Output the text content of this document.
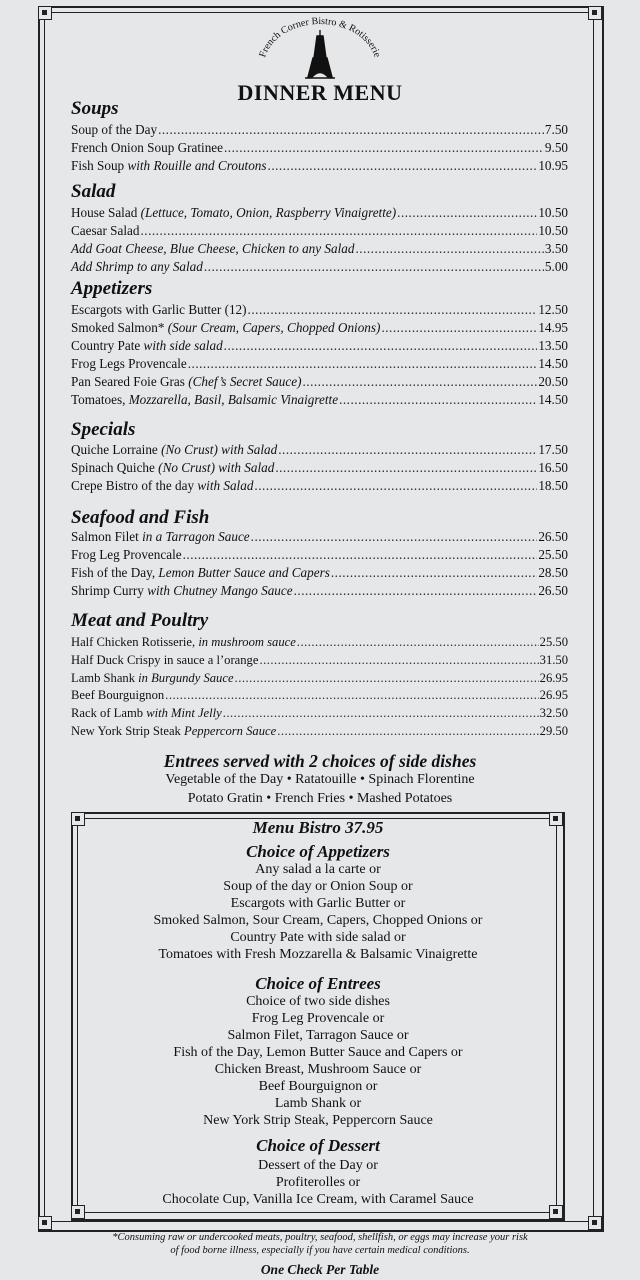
French Corner Bistro & Rotisserie
DINNER MENU
Soups
Soup of the Day .....	7.50
French Onion Soup Gratinee .....	9.50
Fish Soup with Rouille and Croutons .....	10.95
Salad
House Salad (Lettuce, Tomato, Onion, Raspberry Vinaigrette) .....	10.50
Caesar Salad .....	10.50
Add Goat Cheese, Blue Cheese, Chicken to any Salad .....	3.50
Add Shrimp to any Salad .....	5.00
Appetizers
Escargots with Garlic Butter (12) .....	12.50
Smoked Salmon* (Sour Cream, Capers, Chopped Onions) .....	14.95
Country Pate with side salad .....	13.50
Frog Legs Provencale .....	14.50
Pan Seared Foie Gras (Chef’s Secret Sauce) .....	20.50
Tomatoes, Mozzarella, Basil, Balsamic Vinaigrette .....	14.50
Specials
Quiche Lorraine (No Crust) with Salad .....	17.50
Spinach Quiche (No Crust) with Salad .....	16.50
Crepe Bistro of the day with Salad .....	18.50
Seafood and Fish
Salmon Filet in a Tarragon Sauce .....	26.50
Frog Leg Provencale .....	25.50
Fish of the Day, Lemon Butter Sauce and Capers .....	28.50
Shrimp Curry with Chutney Mango Sauce .....	26.50
Meat and Poultry
Half Chicken Rotisserie, in mushroom sauce .....	25.50
Half Duck Crispy in sauce a l’orange .....	31.50
Lamb Shank in Burgundy Sauce .....	26.95
Beef Bourguignon .....	26.95
Rack of Lamb with Mint Jelly .....	32.50
New York Strip Steak Peppercorn Sauce .....	29.50
Entrees served with 2 choices of side dishes
Vegetable of the Day • Ratatouille • Spinach Florentine
Potato Gratin • French Fries • Mashed Potatoes
Menu Bistro 37.95
Choice of Appetizers
Any salad a la carte or
Soup of the day or Onion Soup or
Escargots with Garlic Butter or
Smoked Salmon, Sour Cream, Capers, Chopped Onions or
Country Pate with side salad or
Tomatoes with Fresh Mozzarella & Balsamic Vinaigrette
Choice of Entrees
Choice of two side dishes
Frog Leg Provencale or
Salmon Filet, Tarragon Sauce or
Fish of the Day, Lemon Butter Sauce and Capers or
Chicken Breast, Mushroom Sauce or
Beef Bourguignon or
Lamb Shank or
New York Strip Steak, Peppercorn Sauce
Choice of Dessert
Dessert of the Day or
Profiterolles or
Chocolate Cup, Vanilla Ice Cream, with Caramel Sauce
*Consuming raw or undercooked meats, poultry, seafood, shellfish, or eggs may increase your risk
of food borne illness, especially if you have certain medical conditions.
One Check Per Table
